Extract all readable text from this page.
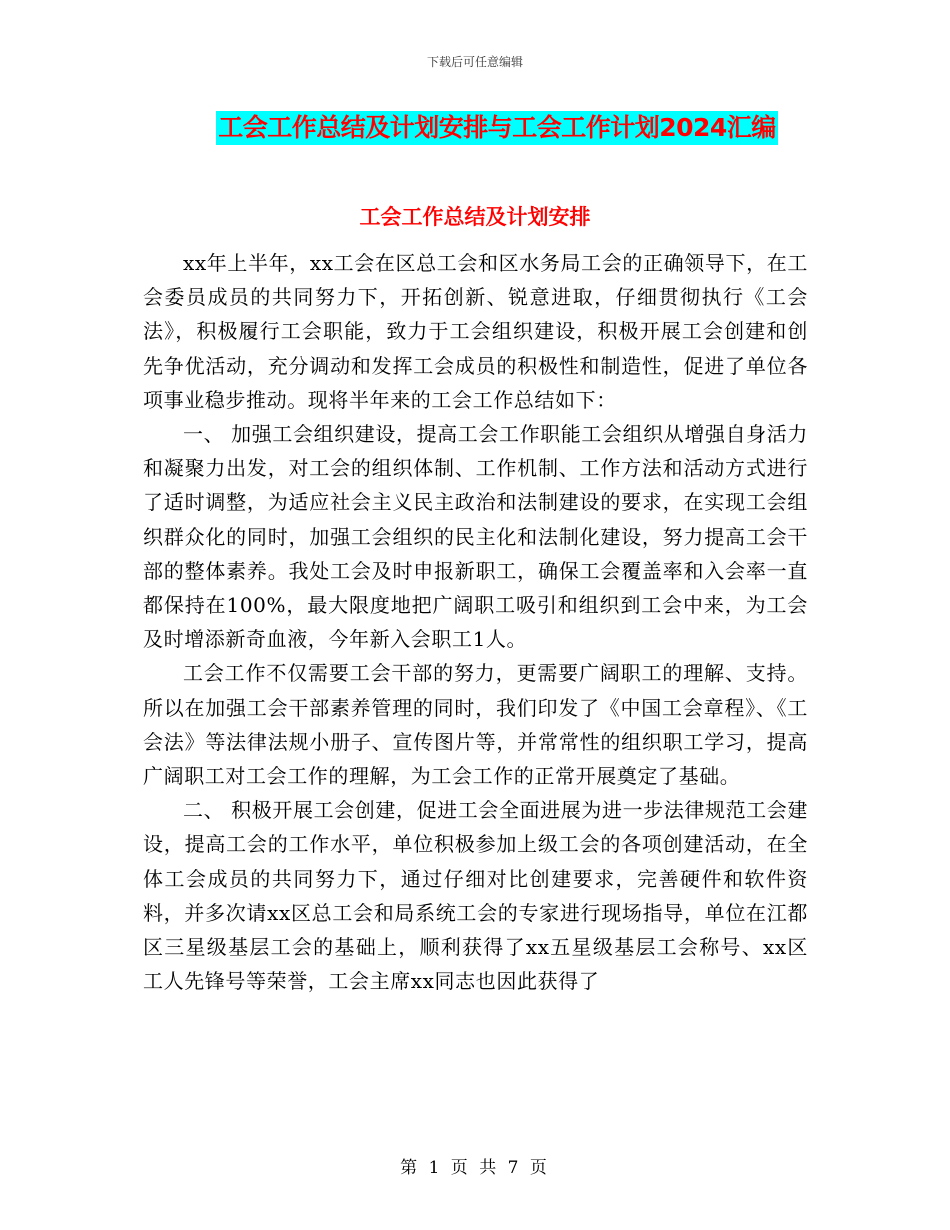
下载后可任意编辑
工会工作总结及计划安排与工会工作计划2024汇编
工会工作总结及计划安排

xx年上半年，xx工会在区总工会和区水务局工会的正确领导下，在工会委员成员的共同努力下，开拓创新、锐意进取，仔细贯彻执行《工会法》，积极履行工会职能，致力于工会组织建设，积极开展工会创建和创先争优活动，充分调动和发挥工会成员的积极性和制造性，促进了单位各项事业稳步推动。现将半年来的工会工作总结如下：

一、 加强工会组织建设，提高工会工作职能工会组织从增强自身活力和凝聚力出发，对工会的组织体制、工作机制、工作方法和活动方式进行了适时调整，为适应社会主义民主政治和法制建设的要求，在实现工会组织群众化的同时，加强工会组织的民主化和法制化建设，努力提高工会干部的整体素养。我处工会及时申报新职工，确保工会覆盖率和入会率一直都保持在100%，最大限度地把广阔职工吸引和组织到工会中来，为工会及时增添新奇血液，今年新入会职工1人。

工会工作不仅需要工会干部的努力，更需要广阔职工的理解、支持。所以在加强工会干部素养管理的同时，我们印发了《中国工会章程》、《工会法》等法律法规小册子、宣传图片等，并常常性的组织职工学习，提高广阔职工对工会工作的理解，为工会工作的正常开展奠定了基础。

二、 积极开展工会创建，促进工会全面进展为进一步法律规范工会建设，提高工会的工作水平，单位积极参加上级工会的各项创建活动，在全体工会成员的共同努力下，通过仔细对比创建要求，完善硬件和软件资料，并多次请xx区总工会和局系统工会的专家进行现场指导，单位在江都区三星级基层工会的基础上，顺利获得了xx五星级基层工会称号、xx区工人先锋号等荣誉，工会主席xx同志也因此获得了

第 1 页 共 7 页
